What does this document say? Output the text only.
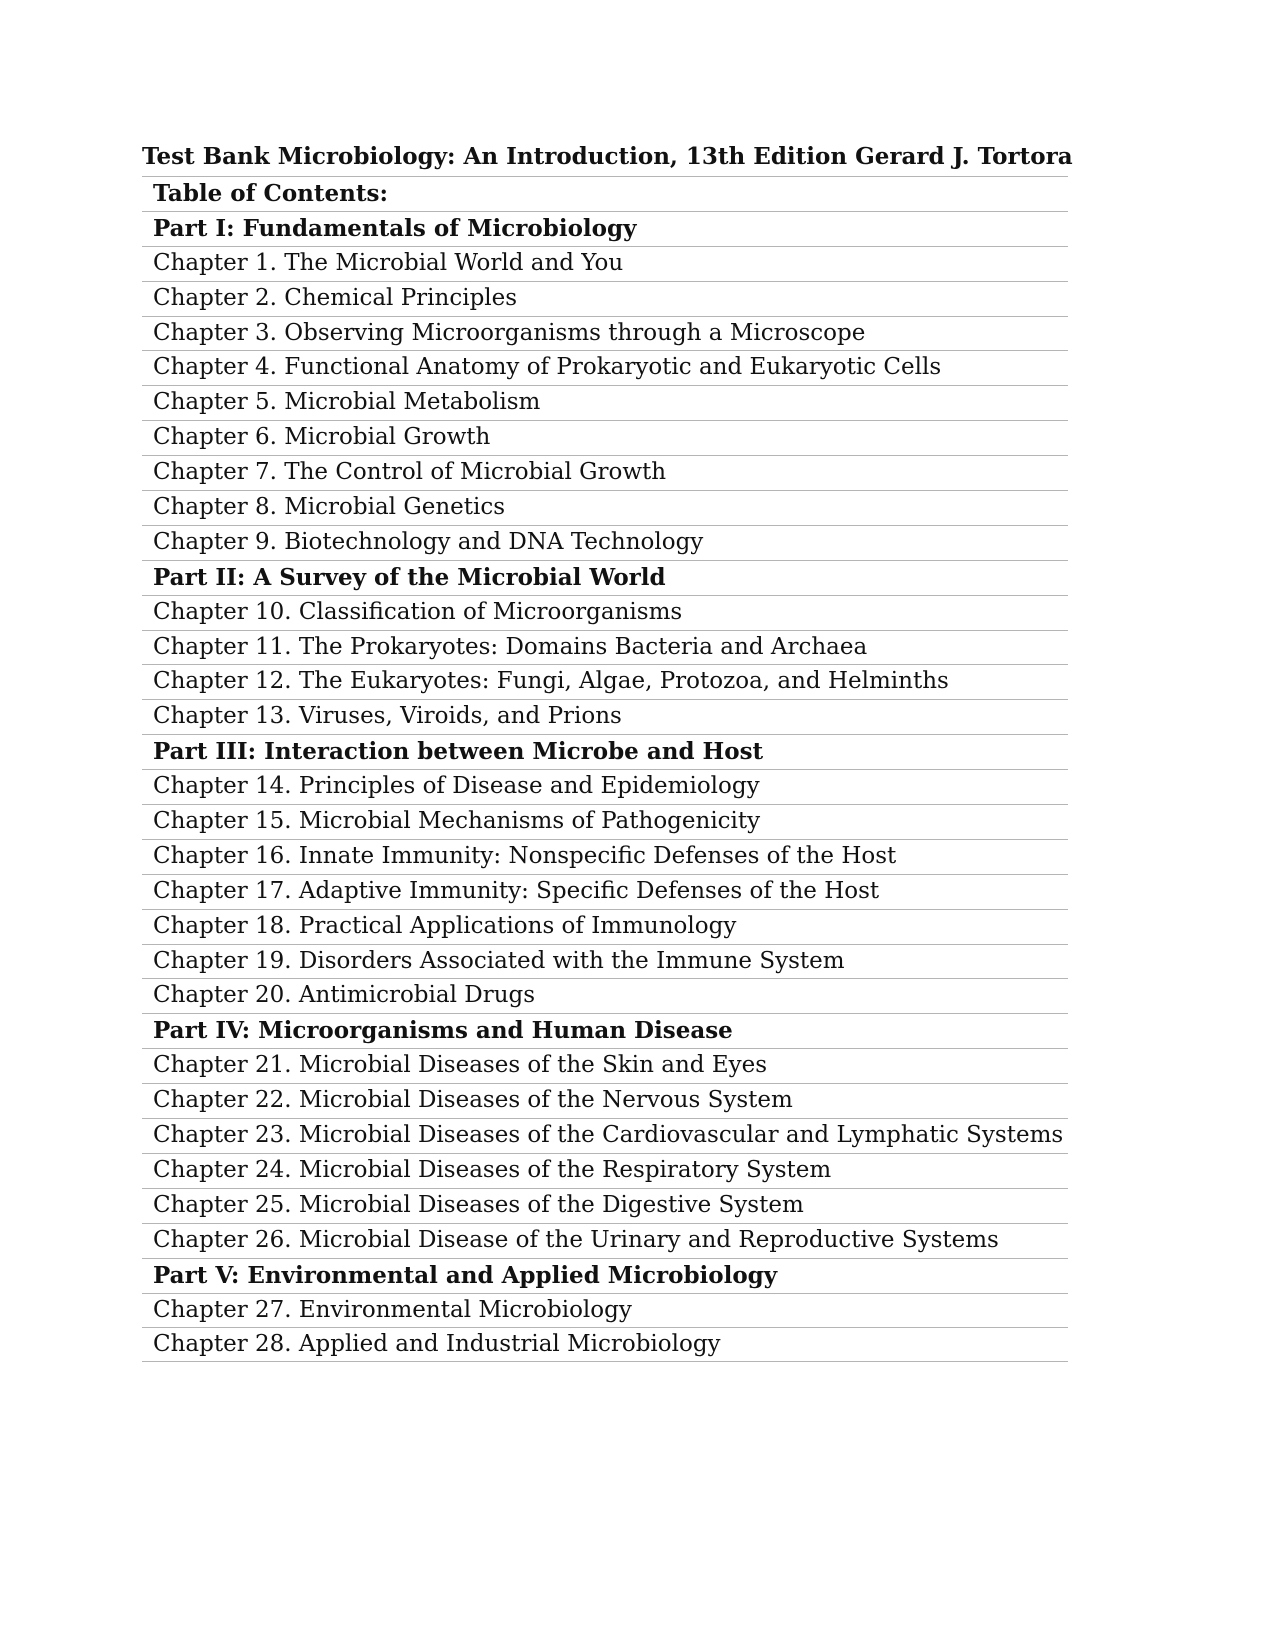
Test Bank Microbiology: An Introduction, 13th Edition Gerard J. Tortora
Table of Contents:
Part I: Fundamentals of Microbiology
Chapter 1. The Microbial World and You
Chapter 2. Chemical Principles
Chapter 3. Observing Microorganisms through a Microscope
Chapter 4. Functional Anatomy of Prokaryotic and Eukaryotic Cells
Chapter 5. Microbial Metabolism
Chapter 6. Microbial Growth
Chapter 7. The Control of Microbial Growth
Chapter 8. Microbial Genetics
Chapter 9. Biotechnology and DNA Technology
Part II: A Survey of the Microbial World
Chapter 10. Classification of Microorganisms
Chapter 11. The Prokaryotes: Domains Bacteria and Archaea
Chapter 12. The Eukaryotes: Fungi, Algae, Protozoa, and Helminths
Chapter 13. Viruses, Viroids, and Prions
Part III: Interaction between Microbe and Host
Chapter 14. Principles of Disease and Epidemiology
Chapter 15. Microbial Mechanisms of Pathogenicity
Chapter 16. Innate Immunity: Nonspecific Defenses of the Host
Chapter 17. Adaptive Immunity: Specific Defenses of the Host
Chapter 18. Practical Applications of Immunology
Chapter 19. Disorders Associated with the Immune System
Chapter 20. Antimicrobial Drugs
Part IV: Microorganisms and Human Disease
Chapter 21. Microbial Diseases of the Skin and Eyes
Chapter 22. Microbial Diseases of the Nervous System
Chapter 23. Microbial Diseases of the Cardiovascular and Lymphatic Systems
Chapter 24. Microbial Diseases of the Respiratory System
Chapter 25. Microbial Diseases of the Digestive System
Chapter 26. Microbial Disease of the Urinary and Reproductive Systems
Part V: Environmental and Applied Microbiology
Chapter 27. Environmental Microbiology
Chapter 28. Applied and Industrial Microbiology
